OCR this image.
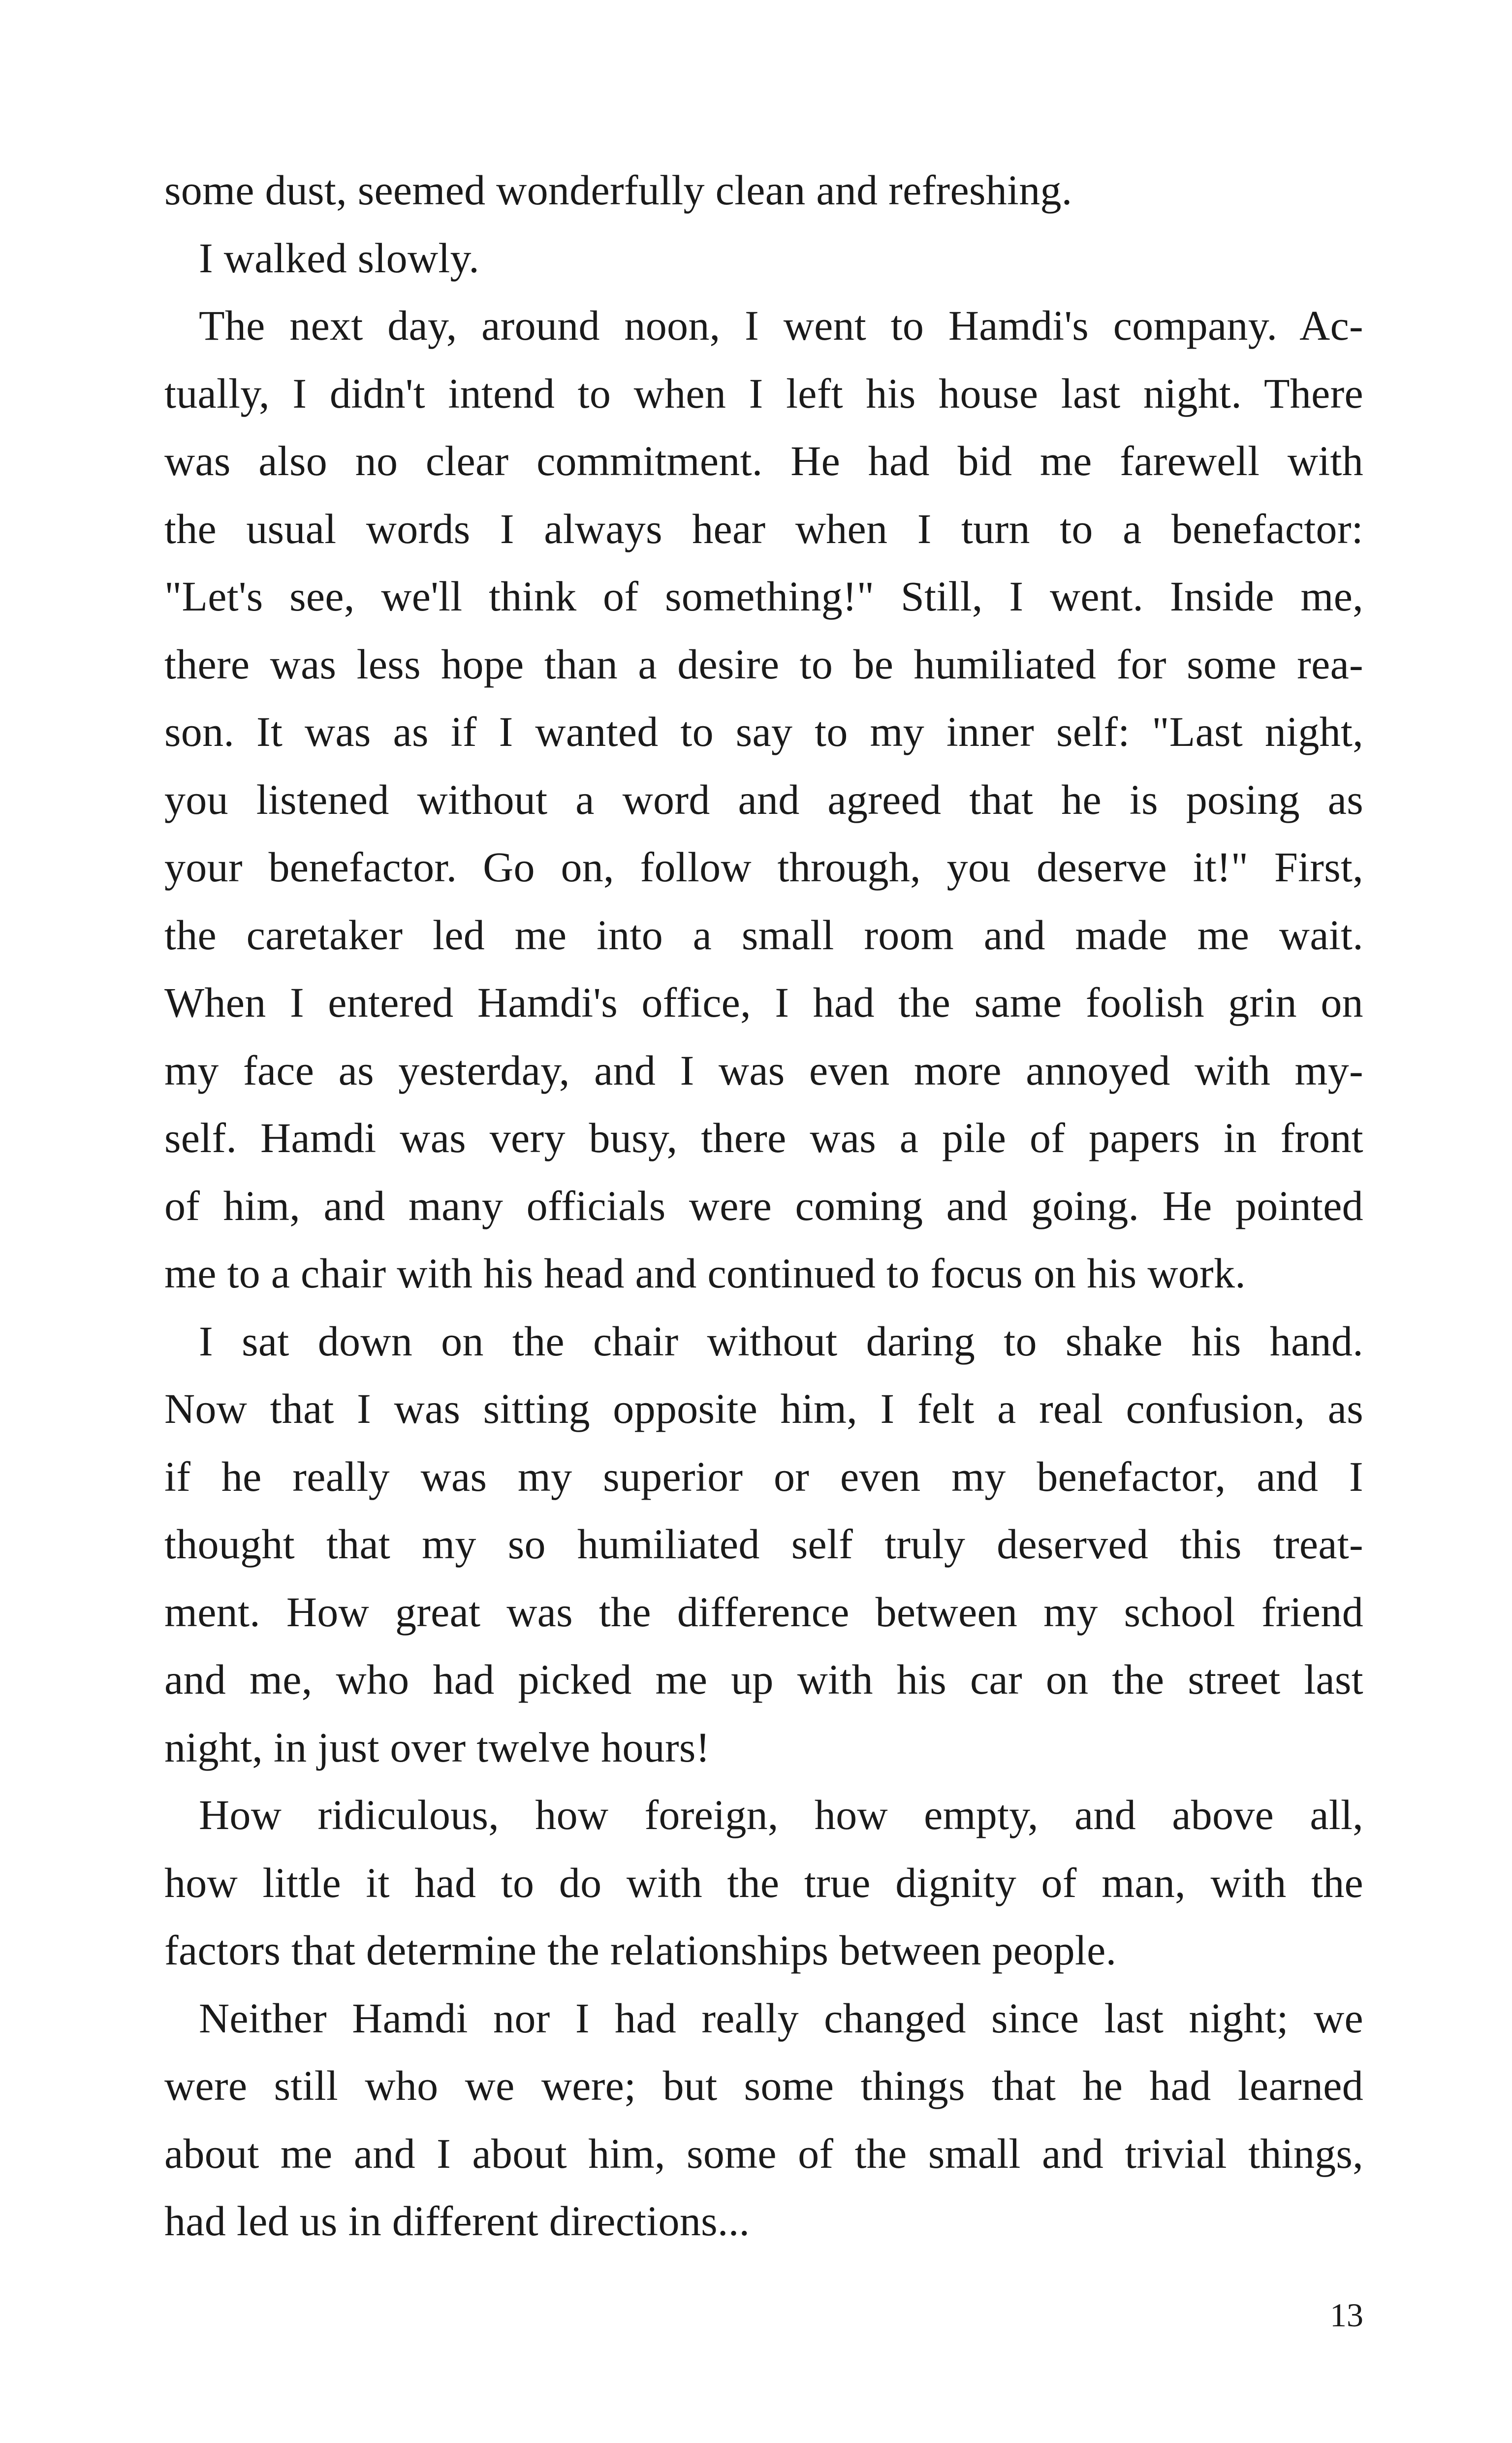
some dust, seemed wonderfully clean and refreshing.
I walked slowly.
The next day, around noon, I went to Hamdi's company. Ac-
tually, I didn't intend to when I left his house last night. There
was also no clear commitment. He had bid me farewell with
the usual words I always hear when I turn to a benefactor:
"Let's see, we'll think of something!" Still, I went. Inside me,
there was less hope than a desire to be humiliated for some rea-
son. It was as if I wanted to say to my inner self: "Last night,
you listened without a word and agreed that he is posing as
your benefactor. Go on, follow through, you deserve it!" First,
the caretaker led me into a small room and made me wait.
When I entered Hamdi's office, I had the same foolish grin on
my face as yesterday, and I was even more annoyed with my-
self. Hamdi was very busy, there was a pile of papers in front
of him, and many officials were coming and going. He pointed
me to a chair with his head and continued to focus on his work.
I sat down on the chair without daring to shake his hand.
Now that I was sitting opposite him, I felt a real confusion, as
if he really was my superior or even my benefactor, and I
thought that my so humiliated self truly deserved this treat-
ment. How great was the difference between my school friend
and me, who had picked me up with his car on the street last
night, in just over twelve hours!
How ridiculous, how foreign, how empty, and above all,
how little it had to do with the true dignity of man, with the
factors that determine the relationships between people.
Neither Hamdi nor I had really changed since last night; we
were still who we were; but some things that he had learned
about me and I about him, some of the small and trivial things,
had led us in different directions...
13
